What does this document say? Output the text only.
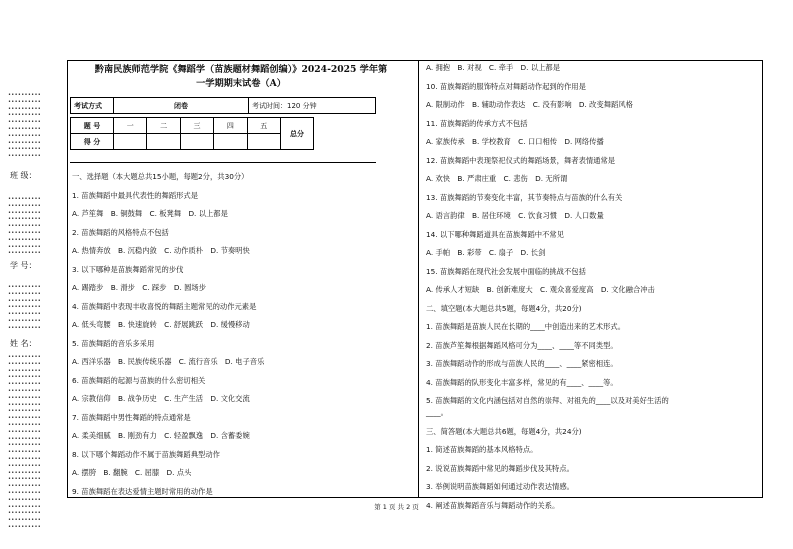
••••••••••
••••••••••
••••••••••
••••••••••
••••••••••
••••••••••
••••••••••
••••••••••
••••••••••
••••••••••
班 级：
••••••••••
••••••••••
••••••••••
••••••••••
••••••••••
••••••••••
••••••••••
••••••••••
••••••••••
学 号：
••••••••••
••••••••••
••••••••••
••••••••••
••••••••••
••••••••••
••••••••••
姓 名：
••••••••••
••••••••••
••••••••••
••••••••••
••••••••••
••••••••••
••••••••••
••••••••••
••••••••••
••••••••••
••••••••••
••••••••••
••••••••••
••••••••••
••••••••••
••••••••••
••••••••••
••••••••••
••••••••••
••••••••••
••••••••••
••••••••••
••••••••••
••••••••••
••••••••••
••••••••••
黔南民族师范学院《舞蹈学（苗族题材舞蹈创编）》2024-2025 学年第
一学期期末试卷（A）
考试方式	闭卷	考试时间：120 分钟
题 号	一	二	三	四	五	总分
得 分						
一、选择题（本大题总共15小题，每题2分，共30分）
1. 苗族舞蹈中最具代表性的舞蹈形式是
A. 芦笙舞　B. 铜鼓舞　C. 板凳舞　D. 以上都是
2. 苗族舞蹈的风格特点不包括
A. 热情奔放　B. 沉稳内敛　C. 动作质朴　D. 节奏明快
3. 以下哪种是苗族舞蹈常见的步伐
A. 踢踏步　B. 滑步　C. 踩步　D. 圆场步
4. 苗族舞蹈中表现丰收喜悦的舞蹈主题常见的动作元素是
A. 低头弯腰　B. 快速旋转　C. 舒展跳跃　D. 缓慢移动
5. 苗族舞蹈的音乐多采用
A. 西洋乐器　B. 民族传统乐器　C. 流行音乐　D. 电子音乐
6. 苗族舞蹈的起源与苗族的什么密切相关
A. 宗教信仰　B. 战争历史　C. 生产生活　D. 文化交流
7. 苗族舞蹈中男性舞蹈的特点通常是
A. 柔美细腻　B. 刚劲有力　C. 轻盈飘逸　D. 含蓄委婉
8. 以下哪个舞蹈动作不属于苗族舞蹈典型动作
A. 摆胯　B. 翻腕　C. 屈膝　D. 点头
9. 苗族舞蹈在表达爱情主题时常用的动作是
A. 拥抱　B. 对视　C. 牵手　D. 以上都是
10. 苗族舞蹈的服饰特点对舞蹈动作起到的作用是
A. 限制动作　B. 辅助动作表达　C. 没有影响　D. 改变舞蹈风格
11. 苗族舞蹈的传承方式不包括
A. 家族传承　B. 学校教育　C. 口口相传　D. 网络传播
12. 苗族舞蹈中表现祭祀仪式的舞蹈场景，舞者表情通常是
A. 欢快　B. 严肃庄重　C. 悲伤　D. 无所谓
13. 苗族舞蹈的节奏变化丰富，其节奏特点与苗族的什么有关
A. 语言韵律　B. 居住环境　C. 饮食习惯　D. 人口数量
14. 以下哪种舞蹈道具在苗族舞蹈中不常见
A. 手帕　B. 彩带　C. 扇子　D. 长剑
15. 苗族舞蹈在现代社会发展中面临的挑战不包括
A. 传承人才短缺　B. 创新难度大　C. 观众喜爱度高　D. 文化融合冲击
二、填空题(本大题总共5题，每题4分，共20分)
1. 苗族舞蹈是苗族人民在长期的____中创造出来的艺术形式。
2. 苗族芦笙舞根据舞蹈风格可分为____、____等不同类型。
3. 苗族舞蹈动作的形成与苗族人民的____、____紧密相连。
4. 苗族舞蹈的队形变化丰富多样，常见的有____、____等。
5. 苗族舞蹈的文化内涵包括对自然的崇拜、对祖先的____以及对美好生活的
____。
三、简答题(本大题总共6题，每题4分，共24分)
1. 简述苗族舞蹈的基本风格特点。
2. 说说苗族舞蹈中常见的舞蹈步伐及其特点。
3. 举例说明苗族舞蹈如何通过动作表达情感。
4. 阐述苗族舞蹈音乐与舞蹈动作的关系。
第 1 页 共 2 页
